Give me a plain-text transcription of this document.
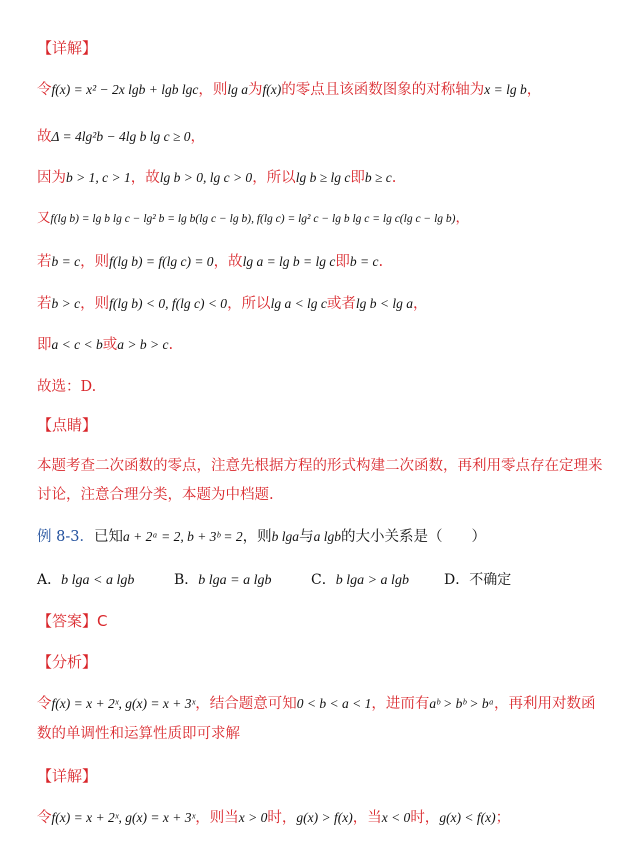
【详解】
令f(x) = x² − 2x lgb + lgb lgc，则lg a为f(x)的零点且该函数图象的对称轴为x = lg b，
故Δ = 4lg²b − 4lg b lg c ≥ 0，
因为b > 1, c > 1，故lg b > 0, lg c > 0，所以lg b ≥ lg c即b ≥ c.
又f(lg b) = lg b lg c − lg² b = lg b(lg c − lg b), f(lg c) = lg² c − lg b lg c = lg c(lg c − lg b)，
若b = c，则f(lg b) = f(lg c) = 0，故lg a = lg b = lg c即b = c.
若b > c，则f(lg b) < 0, f(lg c) < 0，所以lg a < lg c或者lg b < lg a，
即a < c < b或a > b > c.
故选：D.
【点睛】
本题考查二次函数的零点，注意先根据方程的形式构建二次函数，再利用零点存在定理来讨论，注意合理分类，本题为中档题.
例 8-3．已知a + 2ᵃ = 2, b + 3ᵇ = 2，则b lga与a lgb的大小关系是（　　）
A．b lga < a lgb	B．b lga = a lgb	C．b lga > a lgb	D．不确定
【答案】C
【分析】
令f(x) = x + 2ˣ, g(x) = x + 3ˣ，结合题意可知0 < b < a < 1，进而有aᵇ > bᵇ > bᵃ，再利用对数函
数的单调性和运算性质即可求解
【详解】
令f(x) = x + 2ˣ, g(x) = x + 3ˣ，则当x > 0时，g(x) > f(x)，当x < 0时，g(x) < f(x)；
